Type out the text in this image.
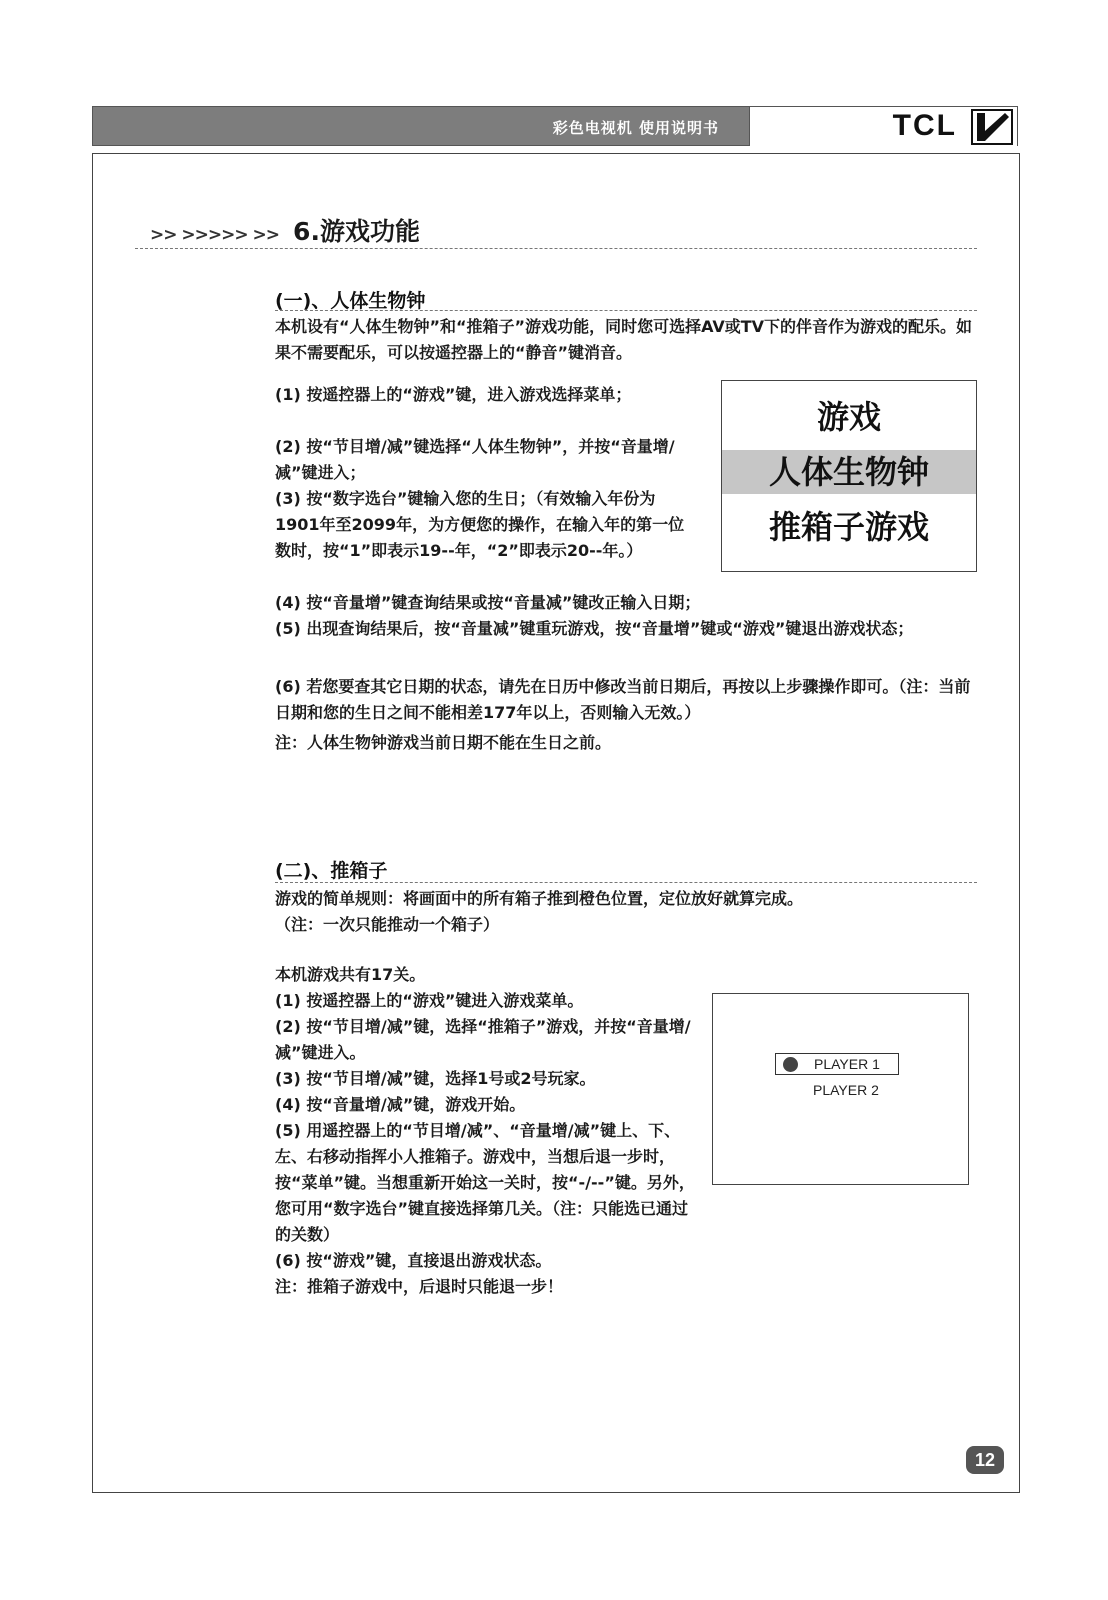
彩色电视机 使用说明书	TCL
>> >>>>> >> 6.游戏功能
(一)、人体生物钟

本机设有“人体生物钟”和“推箱子”游戏功能，同时您可选择AV或TV下的伴音作为游戏的配乐。如果不需要配乐，可以按遥控器上的“静音”键消音。

(1) 按遥控器上的“游戏”键，进入游戏选择菜单；

(2) 按“节目增/减”键选择“人体生物钟”，并按“音量增/减”键进入；

(3) 按“数字选台”键输入您的生日；（有效输入年份为1901年至2099年，为方便您的操作，在输入年的第一位数时，按“1”即表示19--年，“2”即表示20--年。）

(4) 按“音量增”键查询结果或按“音量减”键改正输入日期；

(5) 出现查询结果后，按“音量减”键重玩游戏，按“音量增”键或“游戏”键退出游戏状态；

(6) 若您要查其它日期的状态，请先在日历中修改当前日期后，再按以上步骤操作即可。（注：当前日期和您的生日之间不能相差177年以上，否则输入无效。）

注：人体生物钟游戏当前日期不能在生日之前。

游戏
人体生物钟
推箱子游戏
(二)、推箱子

游戏的简单规则：将画面中的所有箱子推到橙色位置，定位放好就算完成。

（注：一次只能推动一个箱子）

本机游戏共有17关。

(1) 按遥控器上的“游戏”键进入游戏菜单。

(2) 按“节目增/减”键，选择“推箱子”游戏，并按“音量增/减”键进入。

(3) 按“节目增/减”键，选择1号或2号玩家。

(4) 按“音量增/减”键，游戏开始。

(5) 用遥控器上的“节目增/减”、“音量增/减”键上、下、左、右移动指挥小人推箱子。游戏中，当想后退一步时，按“菜单”键。当想重新开始这一关时，按“-/--”键。另外，您可用“数字选台”键直接选择第几关。（注：只能选已通过的关数）

(6) 按“游戏”键，直接退出游戏状态。

注：推箱子游戏中，后退时只能退一步！

PLAYER 1
PLAYER 2
12
